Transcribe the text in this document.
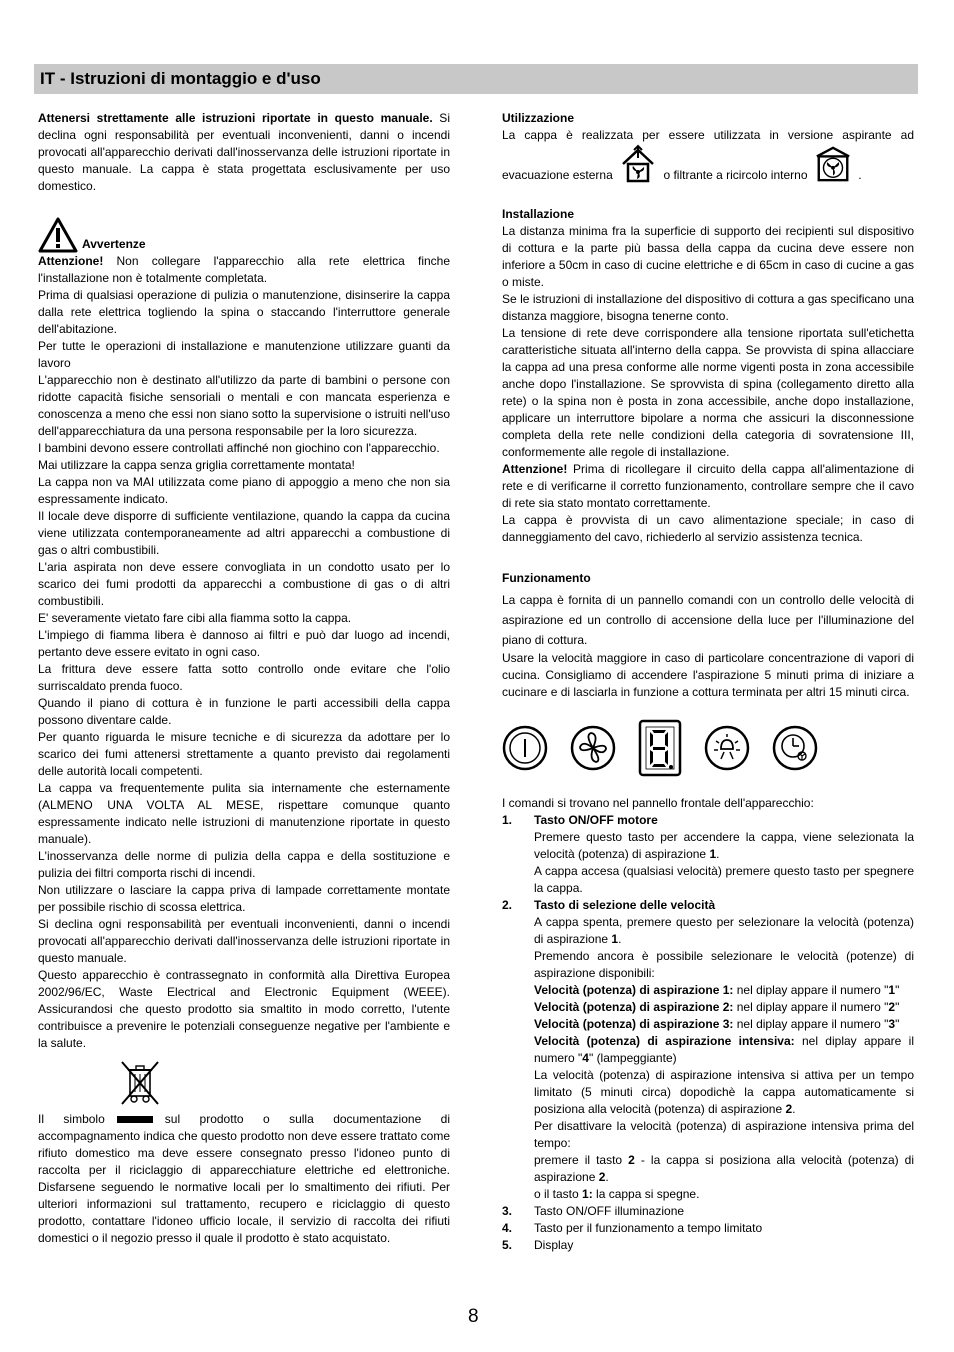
IT - Istruzioni di montaggio e d'uso

Attenersi strettamente alle istruzioni riportate in questo manuale. Si declina ogni responsabilità per eventuali inconvenienti, danni o incendi provocati all'apparecchio derivati dall'inosservanza delle istruzioni riportate in questo manuale. La cappa è stata progettata esclusivamente per uso domestico.

Avvertenze

Attenzione! Non collegare l'apparecchio alla rete elettrica finche l'installazione non è totalmente completata.

Prima di qualsiasi operazione di pulizia o manutenzione, disinserire la cappa dalla rete elettrica togliendo la spina o staccando l'interruttore generale dell'abitazione.

Per tutte le operazioni di installazione e manutenzione utilizzare guanti da lavoro

L'apparecchio non è destinato all'utilizzo da parte di bambini o persone con ridotte capacità fisiche sensoriali o mentali e con mancata esperienza e conoscenza a meno che essi non siano sotto la supervisione o istruiti nell'uso dell'apparecchiatura da una persona responsabile per la loro sicurezza.

I bambini devono essere controllati affinché non giochino con l'apparecchio.

Mai utilizzare la cappa senza griglia correttamente montata!

La cappa non va MAI utilizzata come piano di appoggio a meno che non sia espressamente indicato.

Il locale deve disporre di sufficiente ventilazione, quando la cappa da cucina viene utilizzata contemporaneamente ad altri apparecchi a combustione di gas o altri combustibili.

L'aria aspirata non deve essere convogliata in un condotto usato per lo scarico dei fumi prodotti da apparecchi a combustione di gas o di altri combustibili.

E' severamente vietato fare cibi alla fiamma sotto la cappa.

L'impiego di fiamma libera è dannoso ai filtri e può dar luogo ad incendi, pertanto deve essere evitato in ogni caso.

La frittura deve essere fatta sotto controllo onde evitare che l'olio surriscaldato prenda fuoco.

Quando il piano di cottura è in funzione le parti accessibili della cappa possono diventare calde.

Per quanto riguarda le misure tecniche e di sicurezza da adottare per lo scarico dei fumi attenersi strettamente a quanto previsto dai regolamenti delle autorità locali competenti.

La cappa va frequentemente pulita sia internamente che esternamente (ALMENO UNA VOLTA AL MESE, rispettare comunque quanto espressamente indicato nelle istruzioni di manutenzione riportate in questo manuale).

L'inosservanza delle norme di pulizia della cappa e della sostituzione e pulizia dei filtri comporta rischi di incendi.

Non utilizzare o lasciare la cappa priva di lampade correttamente montate per possibile rischio di scossa elettrica.

Si declina ogni responsabilità per eventuali inconvenienti, danni o incendi provocati all'apparecchio derivati dall'inosservanza delle istruzioni riportate in questo manuale.

Questo apparecchio è contrassegnato in conformità alla Direttiva Europea 2002/96/EC, Waste Electrical and Electronic Equipment (WEEE). Assicurandosi che questo prodotto sia smaltito in modo corretto, l'utente contribuisce a prevenire le potenziali conseguenze negative per l'ambiente e la salute.

Il simbolo	sul prodotto o sulla documentazione di accompagnamento indica che questo prodotto non deve essere trattato come rifiuto domestico ma deve essere consegnato presso l'idoneo punto di raccolta per il riciclaggio di apparecchiature elettriche ed elettroniche. Disfarsene seguendo le normative locali per lo smaltimento dei rifiuti. Per ulteriori informazioni sul trattamento, recupero e riciclaggio di questo prodotto, contattare l'idoneo ufficio locale, il servizio di raccolta dei rifiuti domestici o il negozio presso il quale il prodotto è stato acquistato.

Utilizzazione

La cappa è realizzata per essere utilizzata in versione aspirante ad evacuazione esterna	o filtrante a ricircolo interno	.

Installazione

La distanza minima fra la superficie di supporto dei recipienti sul dispositivo di cottura e la parte più bassa della cappa da cucina deve essere non inferiore a 50cm in caso di cucine elettriche e di 65cm in caso di cucine a gas o miste.

Se le istruzioni di installazione del dispositivo di cottura a gas specificano una distanza maggiore, bisogna tenerne conto.

La tensione di rete deve corrispondere alla tensione riportata sull'etichetta caratteristiche situata all'interno della cappa. Se provvista di spina allacciare la cappa ad una presa conforme alle norme vigenti posta in zona accessibile anche dopo l'installazione. Se sprovvista di spina (collegamento diretto alla rete) o la spina non è posta in zona accessibile, anche dopo installazione, applicare un interruttore bipolare a norma che assicuri la disconnessione completa della rete nelle condizioni della categoria di sovratensione III, conformemente alle regole di installazione.

Attenzione! Prima di ricollegare il circuito della cappa all'alimentazione di rete e di verificarne il corretto funzionamento, controllare sempre che il cavo di rete sia stato montato correttamente.

La cappa è provvista di un cavo alimentazione speciale; in caso di danneggiamento del cavo, richiederlo al servizio assistenza tecnica.

Funzionamento

La cappa è fornita di un pannello comandi con un controllo delle velocità di aspirazione ed un controllo di accensione della luce per l'illuminazione del piano di cottura.

Usare la velocità maggiore in caso di particolare concentrazione di vapori di cucina. Consigliamo di accendere l'aspirazione 5 minuti prima di iniziare a cucinare e di lasciarla in funzione a cottura terminata per altri 15 minuti circa.

I comandi si trovano nel pannello frontale dell'apparecchio:

1.	Tasto ON/OFF motore

Premere questo tasto per accendere la cappa, viene selezionata la velocità (potenza) di aspirazione 1.

A cappa accesa (qualsiasi velocità) premere questo tasto per spegnere la cappa.

2.	Tasto di selezione delle velocità

A cappa spenta, premere questo per selezionare la velocità (potenza) di aspirazione 1.

Premendo ancora è possibile selezionare le velocità (potenze) di aspirazione disponibili:

Velocità (potenza) di aspirazione 1: nel diplay appare il numero "1"

Velocità (potenza) di aspirazione 2: nel diplay appare il numero "2"

Velocità (potenza) di aspirazione 3: nel diplay appare il numero "3"

Velocità (potenza) di aspirazione intensiva: nel diplay appare il numero "4" (lampeggiante)

La velocità (potenza) di aspirazione intensiva si attiva per un tempo limitato (5 minuti circa) dopodichè la cappa automaticamente si posiziona alla velocità (potenza) di aspirazione 2.

Per disattivare la velocità (potenza) di aspirazione intensiva prima del tempo:

premere il tasto 2 - la cappa si posiziona alla velocità (potenza) di aspirazione 2.

o il tasto 1: la cappa si spegne.

3.	Tasto ON/OFF illuminazione
4.	Tasto per il funzionamento a tempo limitato
5.	Display
8
